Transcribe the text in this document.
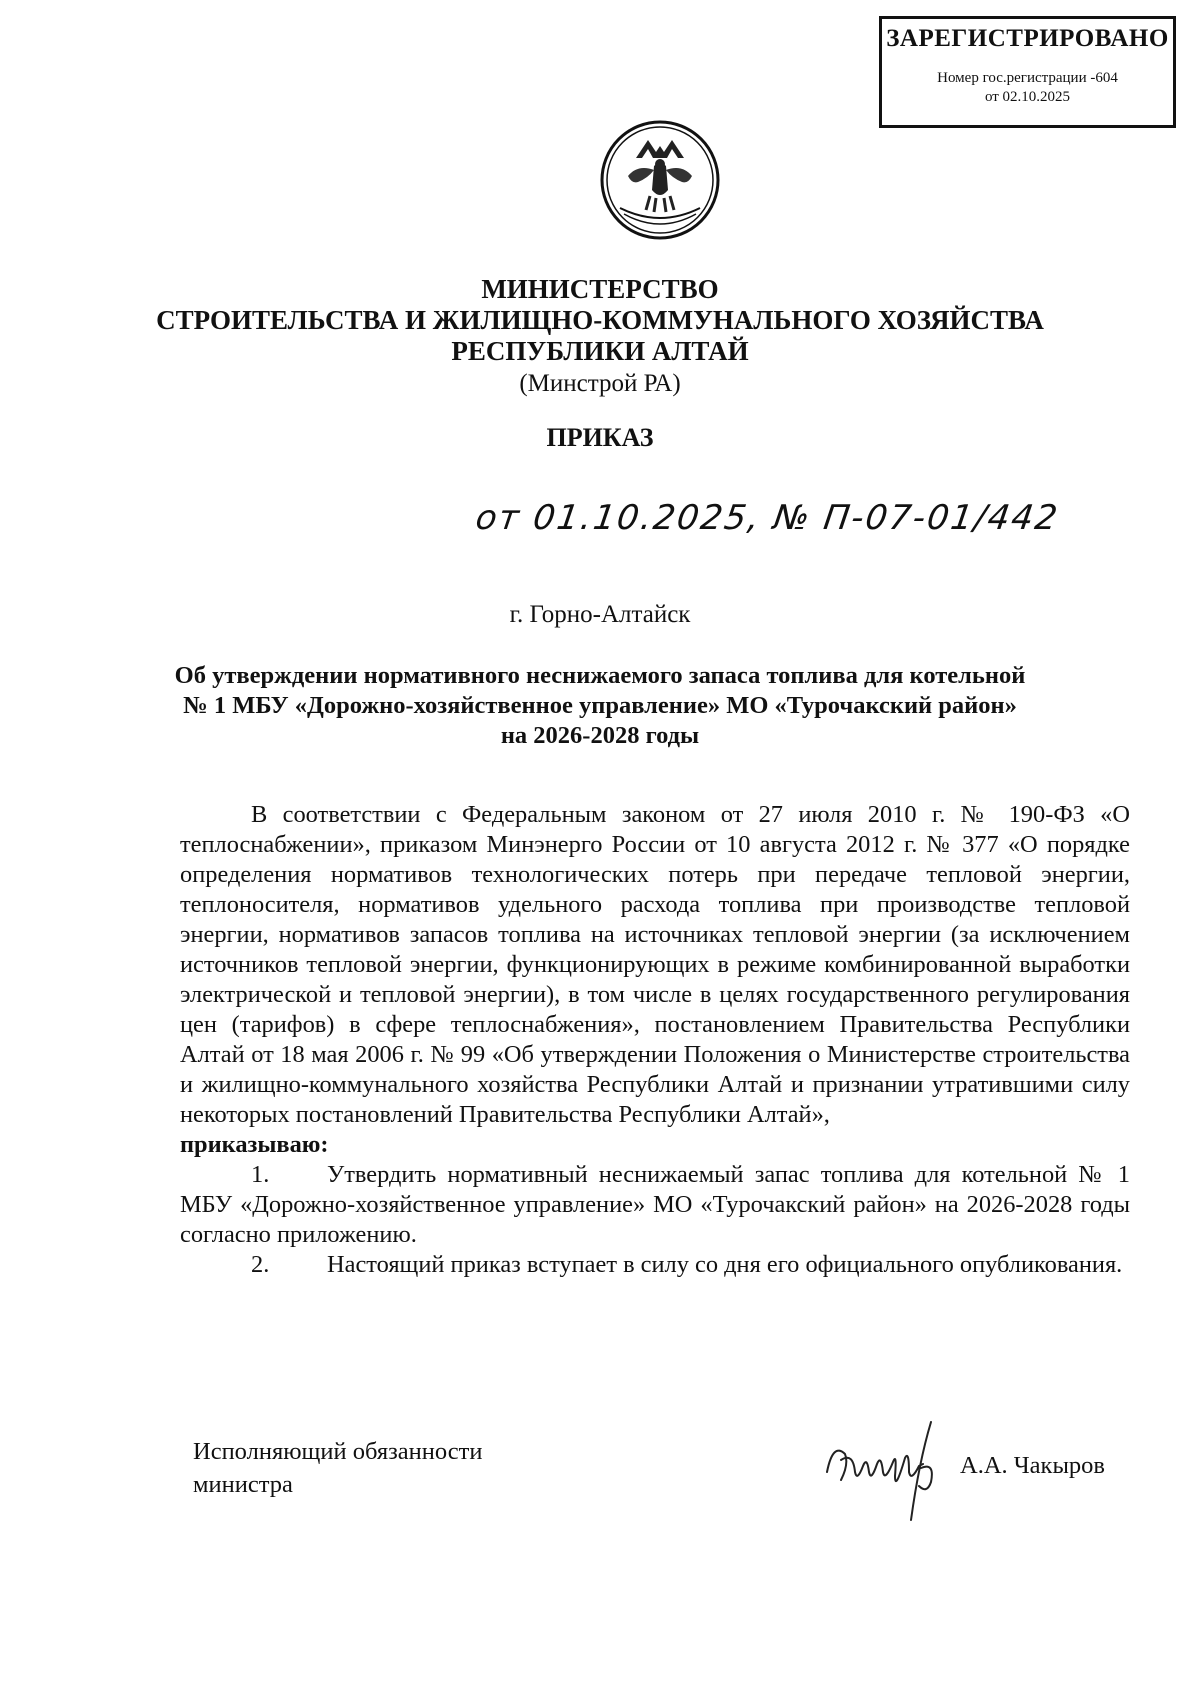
ЗАРЕГИСТРИРОВАНО
Номер гос.регистрации -604
от 02.10.2025
МИНИСТЕРСТВО
СТРОИТЕЛЬСТВА И ЖИЛИЩНО-КОММУНАЛЬНОГО ХОЗЯЙСТВА
РЕСПУБЛИКИ АЛТАЙ
(Минстрой РА)
ПРИКАЗ
от 01.10.2025, № П-07-01/442
г. Горно-Алтайск
Об утверждении нормативного неснижаемого запаса топлива для котельной
№ 1 МБУ «Дорожно-хозяйственное управление» МО «Турочакский район»
на 2026-2028 годы

В соответствии с Федеральным законом от 27 июля 2010 г. № 190-ФЗ «О теплоснабжении», приказом Минэнерго России от 10 августа 2012 г. № 377 «О порядке определения нормативов технологических потерь при передаче тепловой энергии, теплоносителя, нормативов удельного расхода топлива при производстве тепловой энергии, нормативов запасов топлива на источниках тепловой энергии (за исключением источников тепловой энергии, функционирующих в режиме комбинированной выработки электрической и тепловой энергии), в том числе в целях государственного регулирования цен (тарифов) в сфере теплоснабжения», постановлением Правительства Республики Алтай от 18 мая 2006 г. № 99 «Об утверждении Положения о Министерстве строительства и жилищно-коммунального хозяйства Республики Алтай и признании утратившими силу некоторых постановлений Правительства Республики Алтай»,

приказываю:

1. Утвердить нормативный неснижаемый запас топлива для котельной № 1 МБУ «Дорожно-хозяйственное управление» МО «Турочакский район» на 2026-2028 годы согласно приложению.

2. Настоящий приказ вступает в силу со дня его официального опубликования.

Исполняющий обязанности
министра
А.А. Чакыров
